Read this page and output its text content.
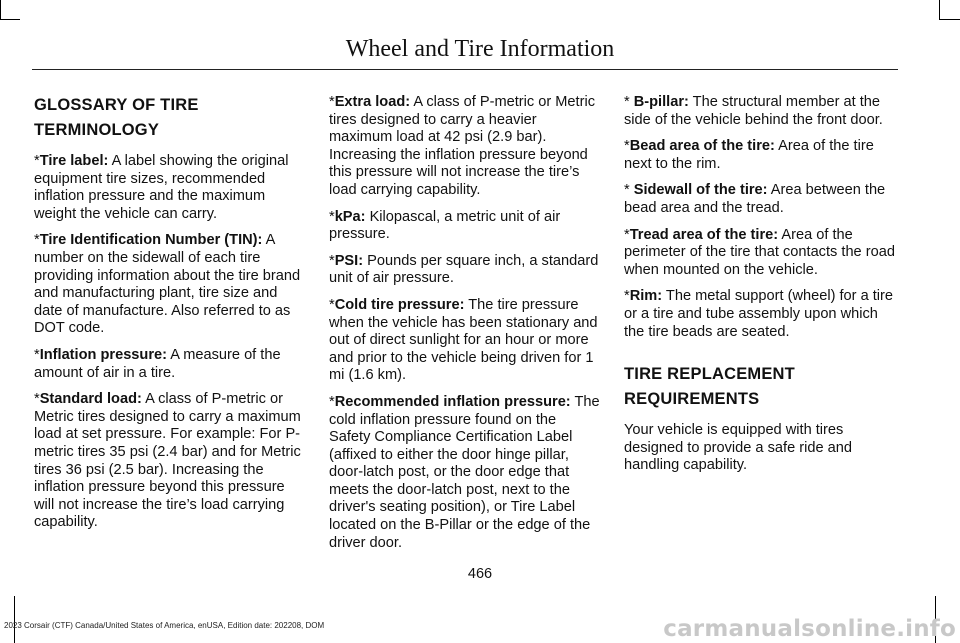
Wheel and Tire Information
GLOSSARY OF TIRE
TERMINOLOGY

*Tire label: A label showing the original equipment tire sizes, recommended inflation pressure and the maximum weight the vehicle can carry.

*Tire Identification Number (TIN): A number on the sidewall of each tire providing information about the tire brand and manufacturing plant, tire size and date of manufacture. Also referred to as DOT code.

*Inflation pressure: A measure of the amount of air in a tire.

*Standard load: A class of P-metric or Metric tires designed to carry a maximum load at set pressure. For example: For P-metric tires 35 psi (2.4 bar) and for Metric tires 36 psi (2.5 bar). Increasing the inflation pressure beyond this pressure will not increase the tire’s load carrying capability.

*Extra load: A class of P-metric or Metric tires designed to carry a heavier maximum load at 42 psi (2.9 bar). Increasing the inflation pressure beyond this pressure will not increase the tire’s load carrying capability.

*kPa: Kilopascal, a metric unit of air pressure.

*PSI: Pounds per square inch, a standard unit of air pressure.

*Cold tire pressure: The tire pressure when the vehicle has been stationary and out of direct sunlight for an hour or more and prior to the vehicle being driven for 1 mi (1.6 km).

*Recommended inflation pressure: The cold inflation pressure found on the Safety Compliance Certification Label (affixed to either the door hinge pillar, door-latch post, or the door edge that meets the door-latch post, next to the driver's seating position), or Tire Label located on the B-Pillar or the edge of the driver door.

* B-pillar: The structural member at the side of the vehicle behind the front door.

*Bead area of the tire: Area of the tire next to the rim.

* Sidewall of the tire: Area between the bead area and the tread.

*Tread area of the tire: Area of the perimeter of the tire that contacts the road when mounted on the vehicle.

*Rim: The metal support (wheel) for a tire or a tire and tube assembly upon which the tire beads are seated.

TIRE REPLACEMENT
REQUIREMENTS

Your vehicle is equipped with tires designed to provide a safe ride and handling capability.

466
2023 Corsair (CTF) Canada/United States of America, enUSA, Edition date: 202208, DOM	carmanualsonline.info
